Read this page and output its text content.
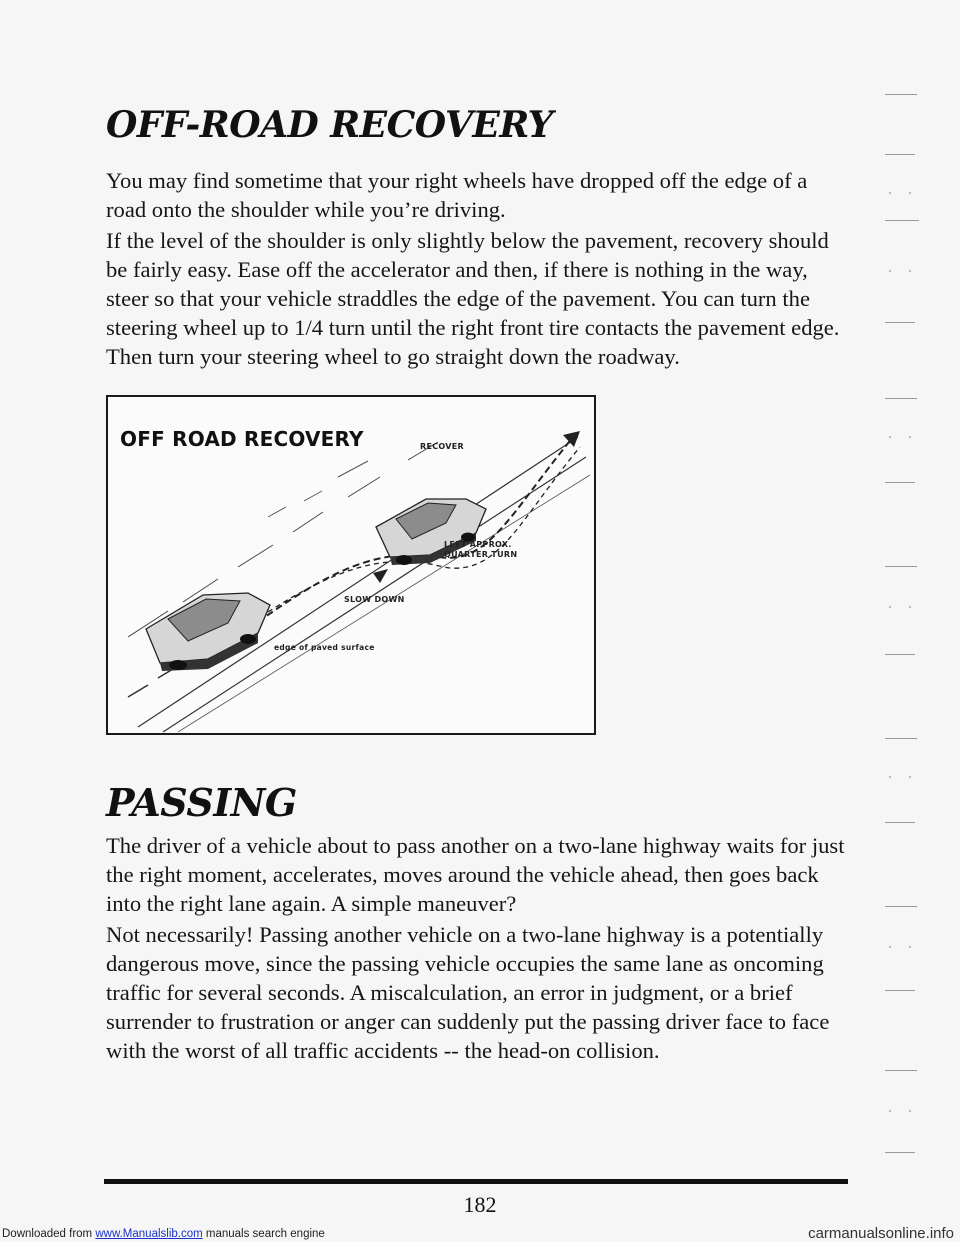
OFF-ROAD RECOVERY

You may find sometime that your right wheels have dropped off the edge of a road onto the shoulder while you’re driving.

If the level of the shoulder is only slightly below the pavement, recovery should be fairly easy. Ease off the accelerator and then, if there is nothing in the way, steer so that your vehicle straddles the edge of the pavement. You can turn the steering wheel up to 1/4 turn until the right front tire contacts the pavement edge. Then turn your steering wheel to go straight down the roadway.

OFF ROAD RECOVERY	RECOVER
LEFT APPROX.
QUARTER TURN
SLOW DOWN
edge of paved surface
PASSING

The driver of a vehicle about to pass another on a two-lane highway waits for just the right moment, accelerates, moves around the vehicle ahead, then goes back into the right lane again. A simple maneuver?

Not necessarily! Passing another vehicle on a two-lane highway is a potentially dangerous move, since the passing vehicle occupies the same lane as oncoming traffic for several seconds. A miscalculation, an error in judgment, or a brief surrender to frustration or anger can suddenly put the passing driver face to face with the worst of all traffic accidents -- the head-on collision.

182
Downloaded from www.Manualslib.com manuals search engine	carmanualsonline.info
